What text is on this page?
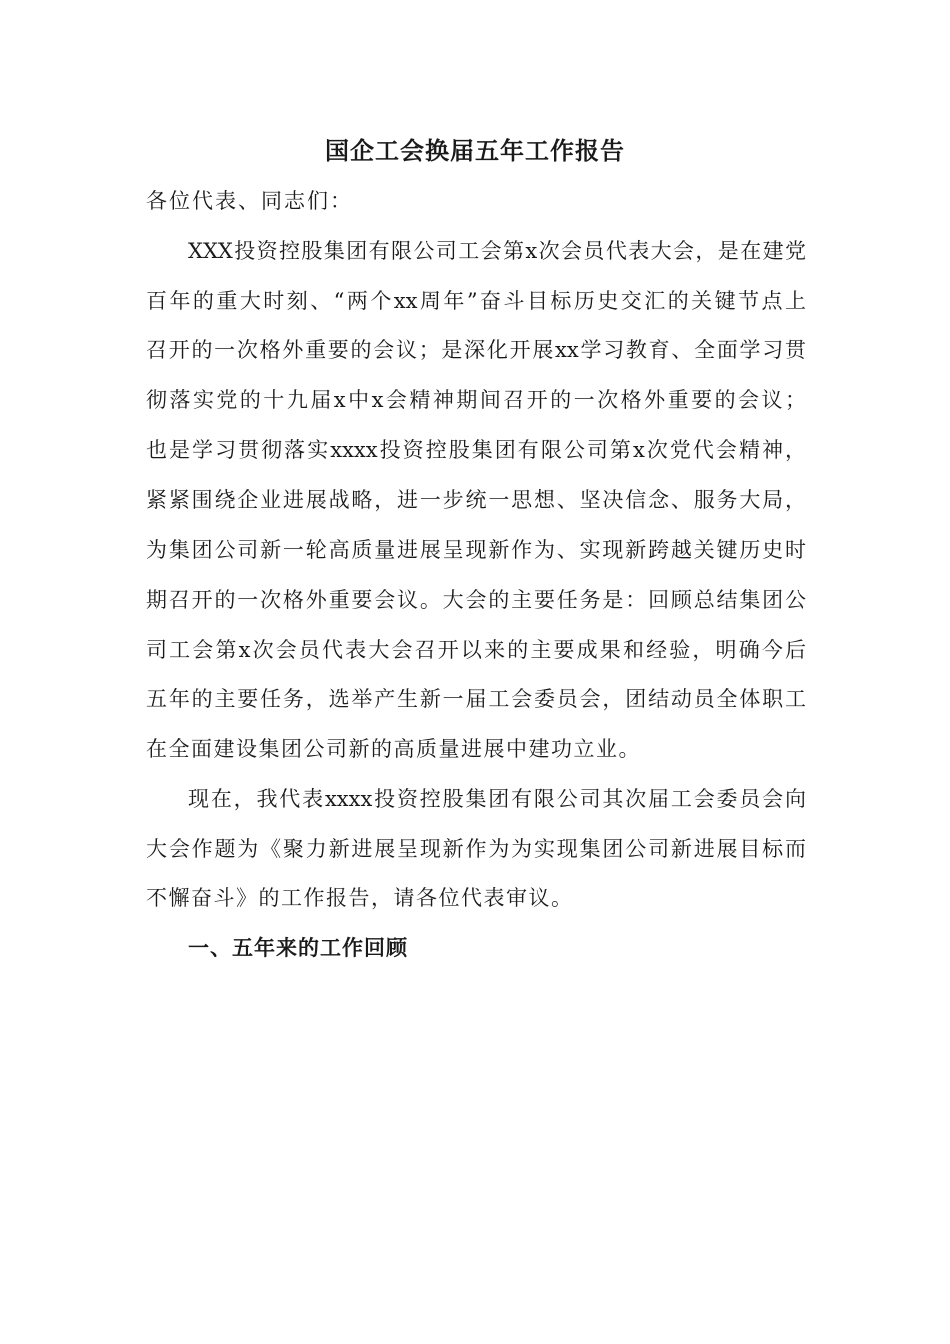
国企工会换届五年工作报告
各位代表、同志们：
XXX投资控股集团有限公司工会第x次会员代表大会，是在建党
百年的重大时刻、“两个xx周年”奋斗目标历史交汇的关键节点上
召开的一次格外重要的会议；是深化开展xx学习教育、全面学习贯
彻落实党的十九届x中x会精神期间召开的一次格外重要的会议；
也是学习贯彻落实xxxx投资控股集团有限公司第x次党代会精神，
紧紧围绕企业进展战略，进一步统一思想、坚决信念、服务大局，
为集团公司新一轮高质量进展呈现新作为、实现新跨越关键历史时
期召开的一次格外重要会议。大会的主要任务是：回顾总结集团公
司工会第x次会员代表大会召开以来的主要成果和经验，明确今后
五年的主要任务，选举产生新一届工会委员会，团结动员全体职工
在全面建设集团公司新的高质量进展中建功立业。
现在，我代表xxxx投资控股集团有限公司其次届工会委员会向
大会作题为《聚力新进展呈现新作为为实现集团公司新进展目标而
不懈奋斗》的工作报告，请各位代表审议。
一、五年来的工作回顾
